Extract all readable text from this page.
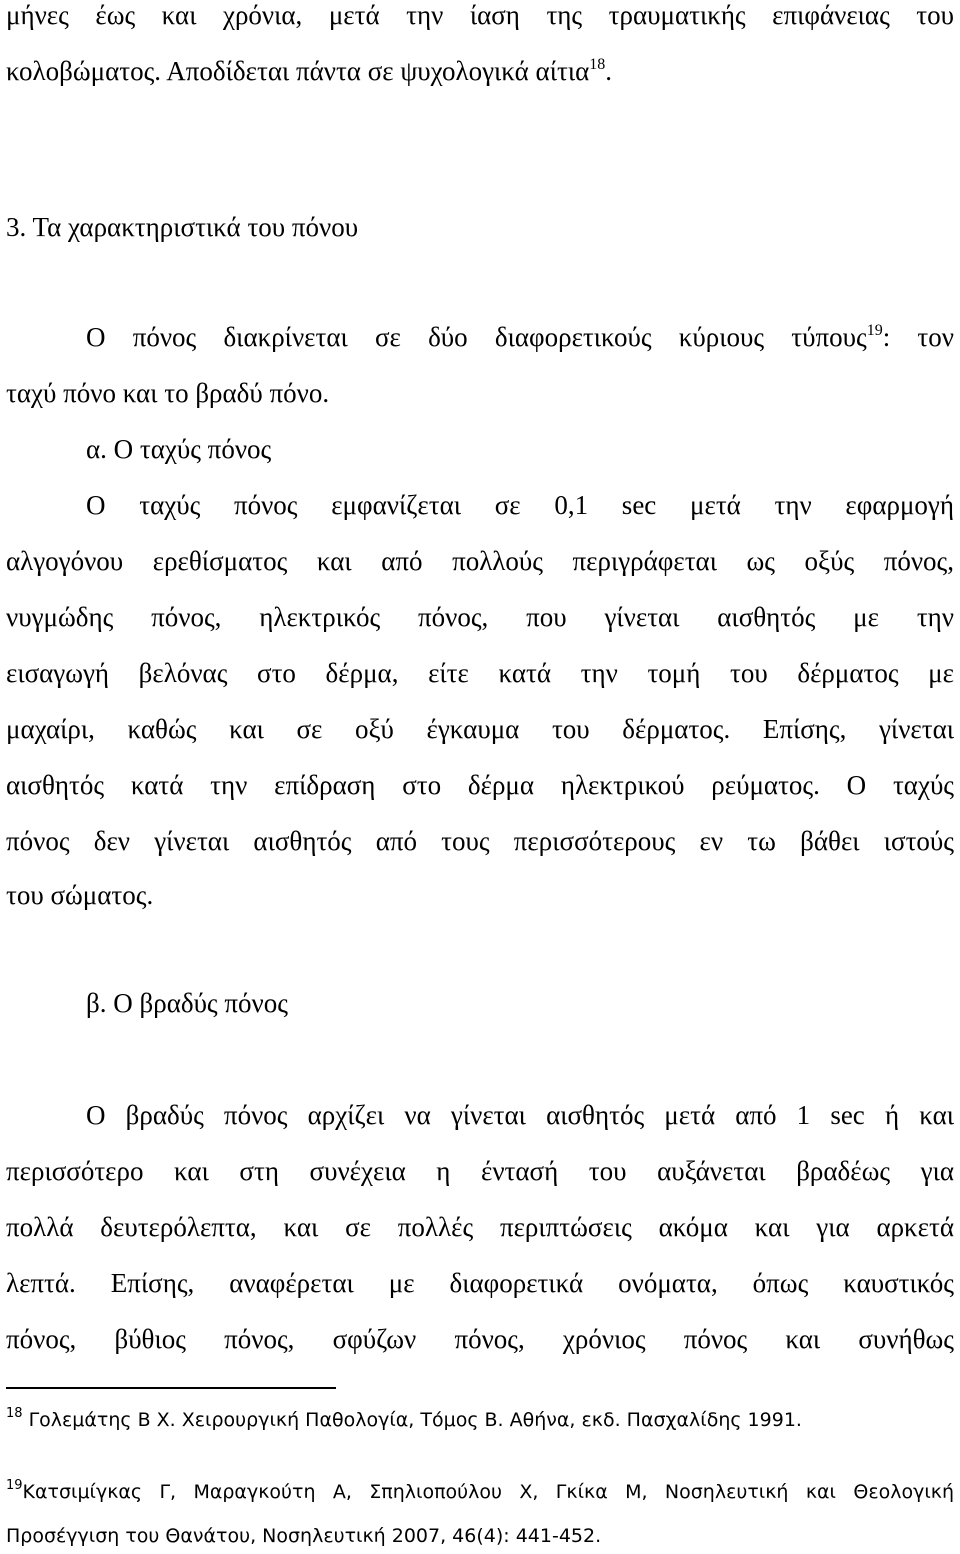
μήνες έως και χρόνια, μετά την ίαση της τραυματικής επιφάνειας του
κολοβώματος. Αποδίδεται πάντα σε ψυχολογικά αίτια$^{18}$.
3. Τα χαρακτηριστικά του πόνου
Ο πόνος διακρίνεται σε δύο διαφορετικούς κύριους τύπους$^{19}$: τον
ταχύ πόνο και το βραδύ πόνο.
α. Ο ταχύς πόνος
Ο ταχύς πόνος εμφανίζεται σε 0,1 sec μετά την εφαρμογή
αλγογόνου ερεθίσματος και από πολλούς περιγράφεται ως οξύς πόνος,
νυγμώδης πόνος, ηλεκτρικός πόνος, που γίνεται αισθητός με την
εισαγωγή βελόνας στο δέρμα, είτε κατά την τομή του δέρματος με
μαχαίρι, καθώς και σε οξύ έγκαυμα του δέρματος. Επίσης, γίνεται
αισθητός κατά την επίδραση στο δέρμα ηλεκτρικού ρεύματος. Ο ταχύς
πόνος δεν γίνεται αισθητός από τους περισσότερους εν τω βάθει ιστούς
του σώματος.
β. Ο βραδύς πόνος
Ο βραδύς πόνος αρχίζει να γίνεται αισθητός μετά από 1 sec ή και
περισσότερο και στη συνέχεια η έντασή του αυξάνεται βραδέως για
πολλά δευτερόλεπτα, και σε πολλές περιπτώσεις ακόμα και για αρκετά
λεπτά. Επίσης, αναφέρεται με διαφορετικά ονόματα, όπως καυστικός
πόνος, βύθιος πόνος, σφύζων πόνος, χρόνιος πόνος και συνήθως
$^{18}$ Γολεμάτης Β Χ. Χειρουργική Παθολογία, Τόμος Β. Αθήνα, εκδ. Πασχαλίδης 1991.
$^{19}$Κατσιμίγκας Γ, Μαραγκούτη Α, Σπηλιοπούλου Χ, Γκίκα Μ, Νοσηλευτική και Θεολογική
Προσέγγιση του Θανάτου, Νοσηλευτική 2007, 46(4): 441-452.
